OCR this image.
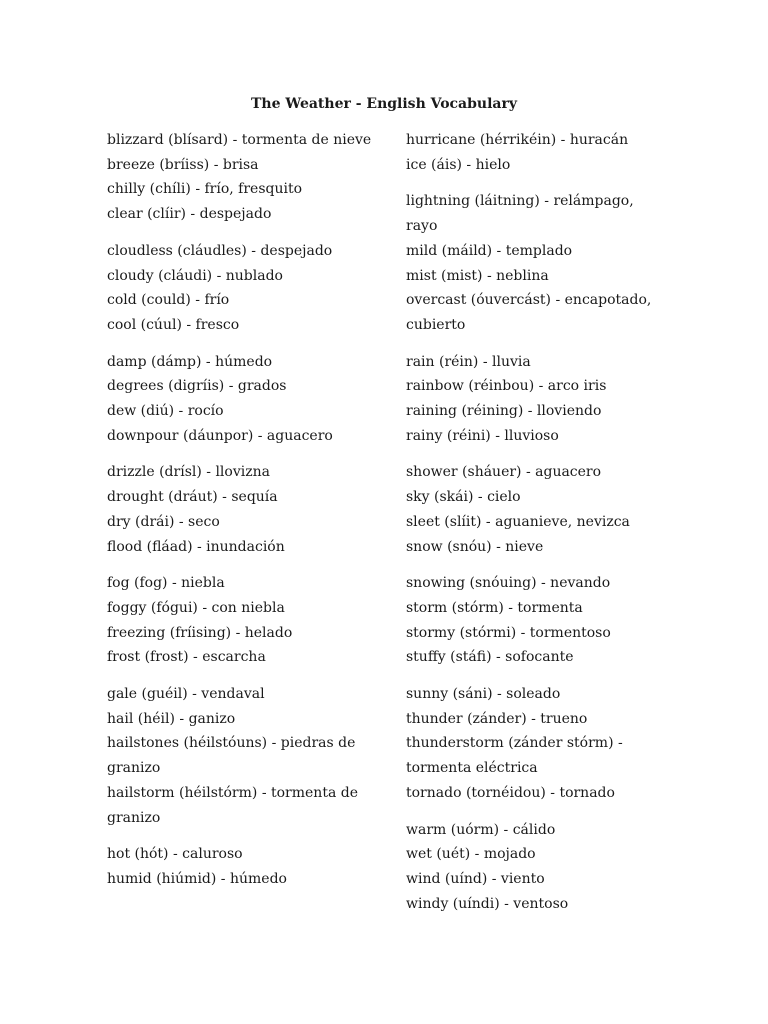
The Weather - English Vocabulary
blizzard (blísard) - tormenta de nieve
breeze (bríiss) - brisa
chilly (chíli) - frío, fresquito
clear (clíir) - despejado
cloudless (cláudles) - despejado
cloudy (cláudi) - nublado
cold (could) - frío
cool (cúul) - fresco
damp (dámp) - húmedo
degrees (digríis) - grados
dew (diú) - rocío
downpour (dáunpor) - aguacero
drizzle (drísl) - llovizna
drought (dráut) - sequía
dry (drái) - seco
flood (fláad) - inundación
fog (fog) - niebla
foggy (fógui) - con niebla
freezing (fríising) - helado
frost (frost) - escarcha
gale (guéil) - vendaval
hail (héil) - ganizo
hailstones (héilstóuns) - piedras de granizo
hailstorm (héilstórm) - tormenta de granizo
hot (hót) - caluroso
humid (hiúmid) - húmedo
hurricane (hérrikéin) - huracán
ice (áis) - hielo
lightning (láitning) - relámpago, rayo
mild (máild) - templado
mist (mist) - neblina
overcast (óuvercást) - encapotado, cubierto
rain (réin) - lluvia
rainbow (réinbou) - arco iris
raining (réining) - lloviendo
rainy (réini) - lluvioso
shower (sháuer) - aguacero
sky (skái) - cielo
sleet (slíit) - aguanieve, nevizca
snow (snóu) - nieve
snowing (snóuing) - nevando
storm (stórm) - tormenta
stormy (stórmi) - tormentoso
stuffy (stáfi) - sofocante
sunny (sáni) - soleado
thunder (zánder) - trueno
thunderstorm (zánder stórm) - tormenta eléctrica
tornado (tornéidou) - tornado
warm (uórm) - cálido
wet (uét) - mojado
wind (uínd) - viento
windy (uíndi) - ventoso
